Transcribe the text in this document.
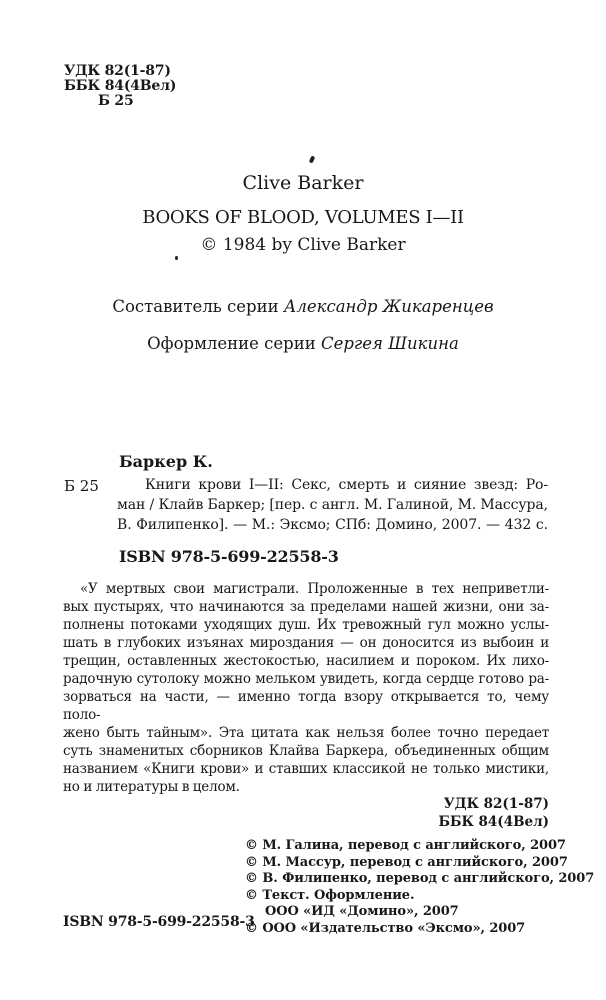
УДК 82(1-87)
ББК 84(4Вел)
Б 25
Clive Barker
BOOKS OF BLOOD, VOLUMES I—II
© 1984 by Clive Barker
Составитель серии Александр Жикаренцев
Оформление серии Сергея Шикина
Баркер К.
Б 25	Книги крови I—II: Секс, смерть и сияние звезд: Ро-
ман / Клайв Баркер; [пер. с англ. М. Галиной, М. Массура,
В. Филипенко]. — М.: Эксмо; СПб: Домино, 2007. — 432 с.
ISBN 978-5-699-22558-3
«У мертвых свои магистрали. Проложенные в тех неприветли-
вых пустырях, что начинаются за пределами нашей жизни, они за-
полнены потоками уходящих душ. Их тревожный гул можно услы-
шать в глубоких изъянах мироздания — он доносится из выбоин и
трещин, оставленных жестокостью, насилием и пороком. Их лихо-
радочную сутолоку можно мельком увидеть, когда сердце готово ра-
зорваться на части, — именно тогда взору открывается то, чему поло-
жено быть тайным». Эта цитата как нельзя более точно передает
суть знаменитых сборников Клайва Баркера, объединенных общим
названием «Книги крови» и ставших классикой не только мистики,
но и литературы в целом.
УДК 82(1-87)
ББК 84(4Вел)
© М. Галина, перевод с английского, 2007
© М. Массур, перевод с английского, 2007
© В. Филипенко, перевод с английского, 2007
© Текст. Оформление.
ООО «ИД «Домино», 2007
© ООО «Издательство «Эксмо», 2007
ISBN 978-5-699-22558-3
